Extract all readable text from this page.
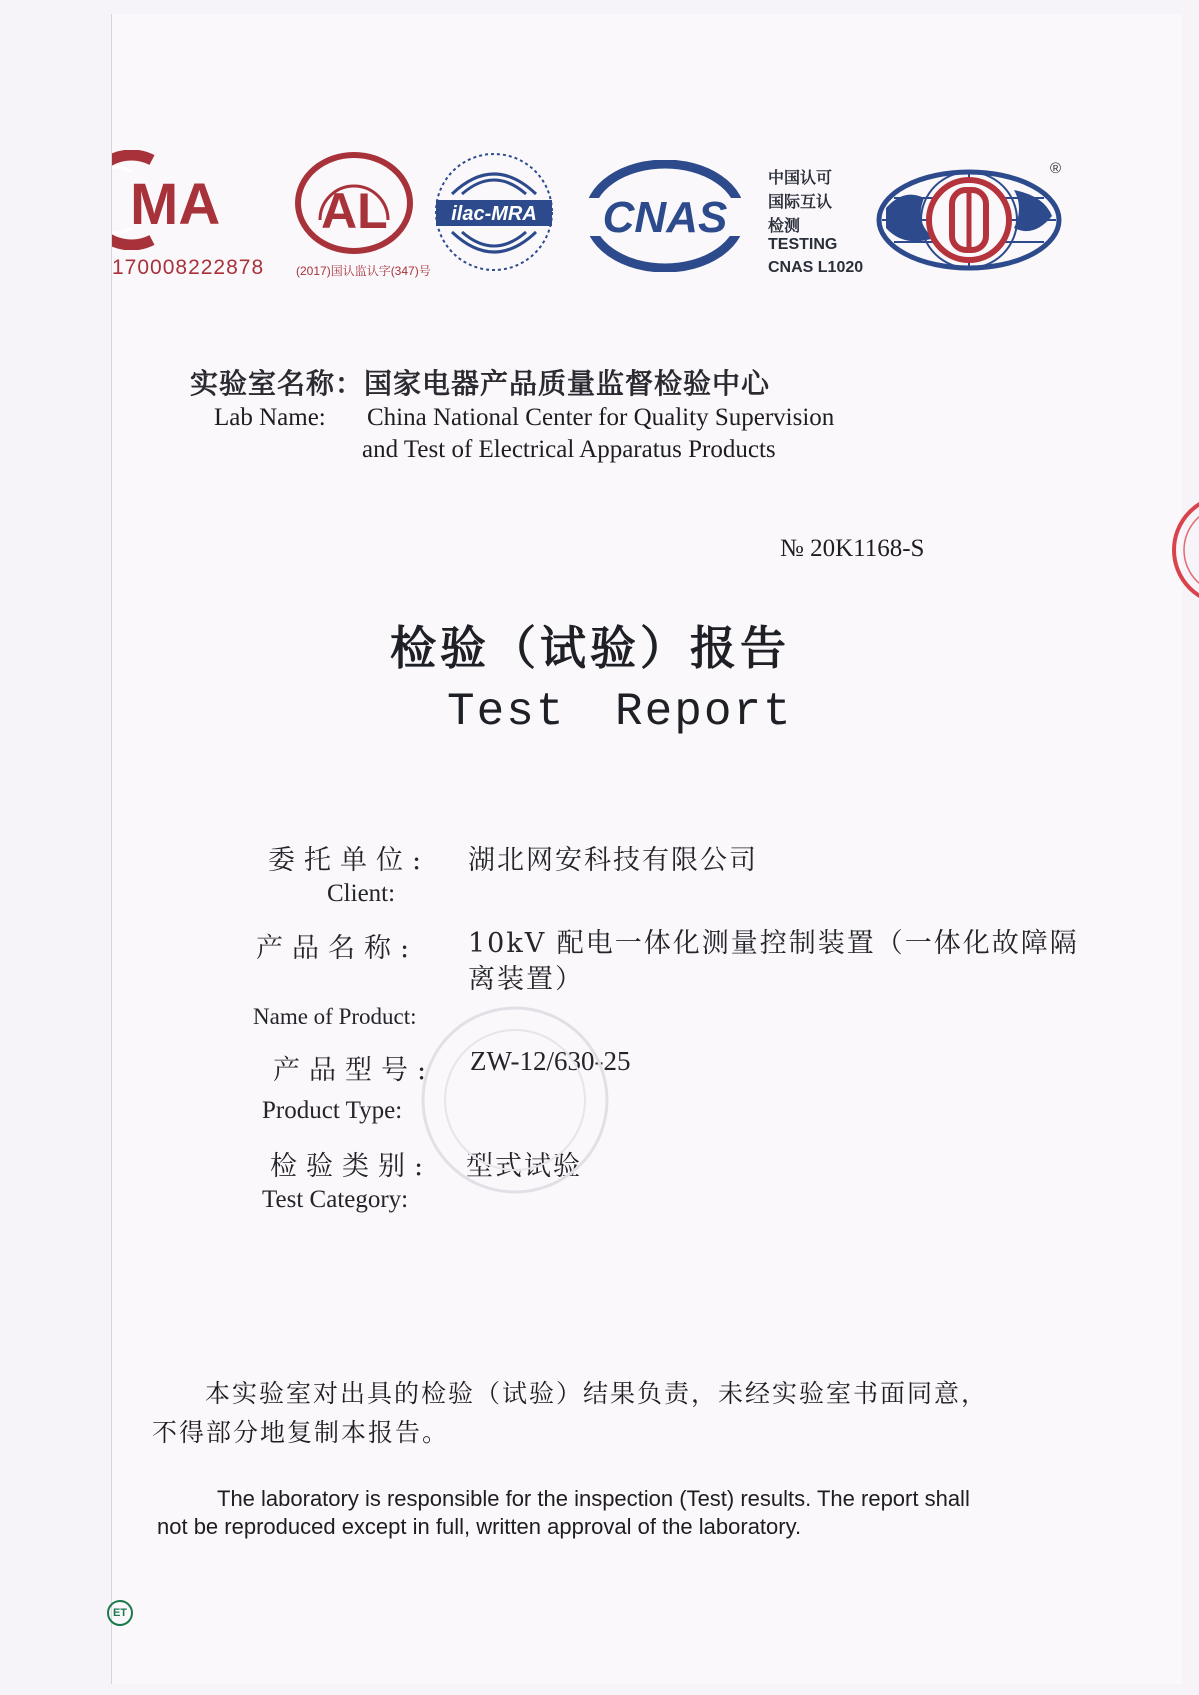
MA
170008222878
AL
(2017)国认监认字(347)号
ilac-MRA CNAS
中国认可
国际互认
检测
TESTING
CNAS L1020
®
实验室名称：国家电器产品质量监督检验中心
Lab Name: China National Center for Quality Supervision
and Test of Electrical Apparatus Products
№ 20K1168-S
检验（试验）报告
Test Report
委托单位: 湖北网安科技有限公司
Client:
产品名称: 10kV 配电一体化测量控制装置（一体化故障隔离装置）
Name of Product:
产品型号: ZW-12/630-25
Product Type:
检验类别: 型式试验
Test Category:
本实验室对出具的检验（试验）结果负责，未经实验室书面同意，
不得部分地复制本报告。
The laboratory is responsible for the inspection (Test) results. The report shall
not be reproduced except in full, written approval of the laboratory.
ET
